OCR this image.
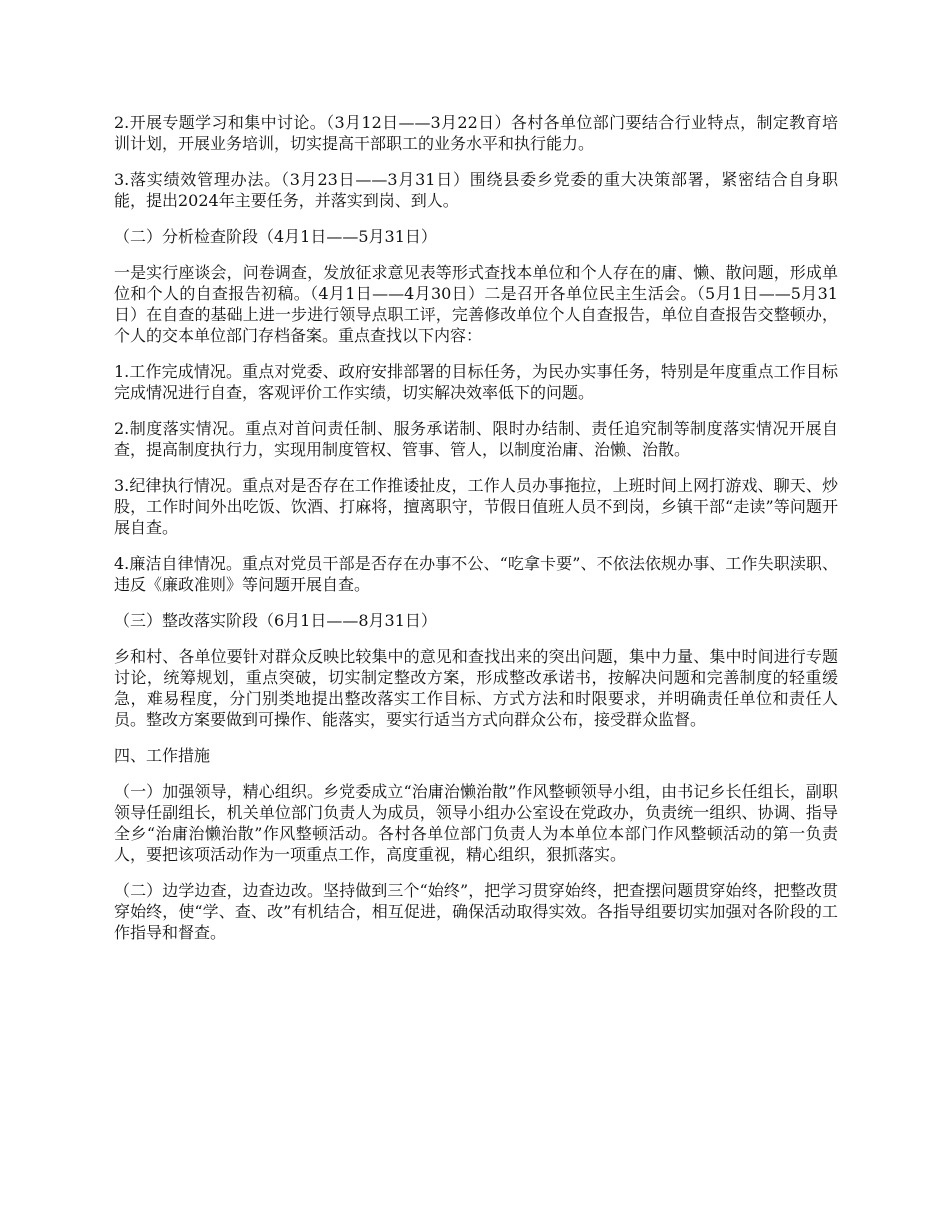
2.开展专题学习和集中讨论。（3月12日——3月22日）各村各单位部门要结合行业特点，制定教育培训计划，开展业务培训，切实提高干部职工的业务水平和执行能力。

3.落实绩效管理办法。（3月23日——3月31日）围绕县委乡党委的重大决策部署，紧密结合自身职能，提出2024年主要任务，并落实到岗、到人。

（二）分析检查阶段（4月1日——5月31日）

一是实行座谈会，问卷调查，发放征求意见表等形式查找本单位和个人存在的庸、懒、散问题，形成单位和个人的自查报告初稿。（4月1日——4月30日）二是召开各单位民主生活会。（5月1日——5月31日）在自查的基础上进一步进行领导点职工评，完善修改单位个人自查报告，单位自查报告交整顿办，个人的交本单位部门存档备案。重点查找以下内容：

1.工作完成情况。重点对党委、政府安排部署的目标任务，为民办实事任务，特别是年度重点工作目标完成情况进行自查，客观评价工作实绩，切实解决效率低下的问题。

2.制度落实情况。重点对首问责任制、服务承诺制、限时办结制、责任追究制等制度落实情况开展自查，提高制度执行力，实现用制度管权、管事、管人，以制度治庸、治懒、治散。

3.纪律执行情况。重点对是否存在工作推诿扯皮，工作人员办事拖拉，上班时间上网打游戏、聊天、炒股，工作时间外出吃饭、饮酒、打麻将，擅离职守，节假日值班人员不到岗，乡镇干部“走读”等问题开展自查。

4.廉洁自律情况。重点对党员干部是否存在办事不公、“吃拿卡要”、不依法依规办事、工作失职渎职、违反《廉政准则》等问题开展自查。

（三）整改落实阶段（6月1日——8月31日）

乡和村、各单位要针对群众反映比较集中的意见和查找出来的突出问题，集中力量、集中时间进行专题讨论，统筹规划，重点突破，切实制定整改方案，形成整改承诺书，按解决问题和完善制度的轻重缓急，难易程度，分门别类地提出整改落实工作目标、方式方法和时限要求，并明确责任单位和责任人员。整改方案要做到可操作、能落实，要实行适当方式向群众公布，接受群众监督。

四、工作措施

（一）加强领导，精心组织。乡党委成立“治庸治懒治散”作风整顿领导小组，由书记乡长任组长，副职领导任副组长，机关单位部门负责人为成员，领导小组办公室设在党政办，负责统一组织、协调、指导全乡“治庸治懒治散”作风整顿活动。各村各单位部门负责人为本单位本部门作风整顿活动的第一负责人，要把该项活动作为一项重点工作，高度重视，精心组织，狠抓落实。

（二）边学边查，边查边改。坚持做到三个“始终”，把学习贯穿始终，把查摆问题贯穿始终，把整改贯穿始终，使“学、查、改”有机结合，相互促进，确保活动取得实效。各指导组要切实加强对各阶段的工作指导和督查。
